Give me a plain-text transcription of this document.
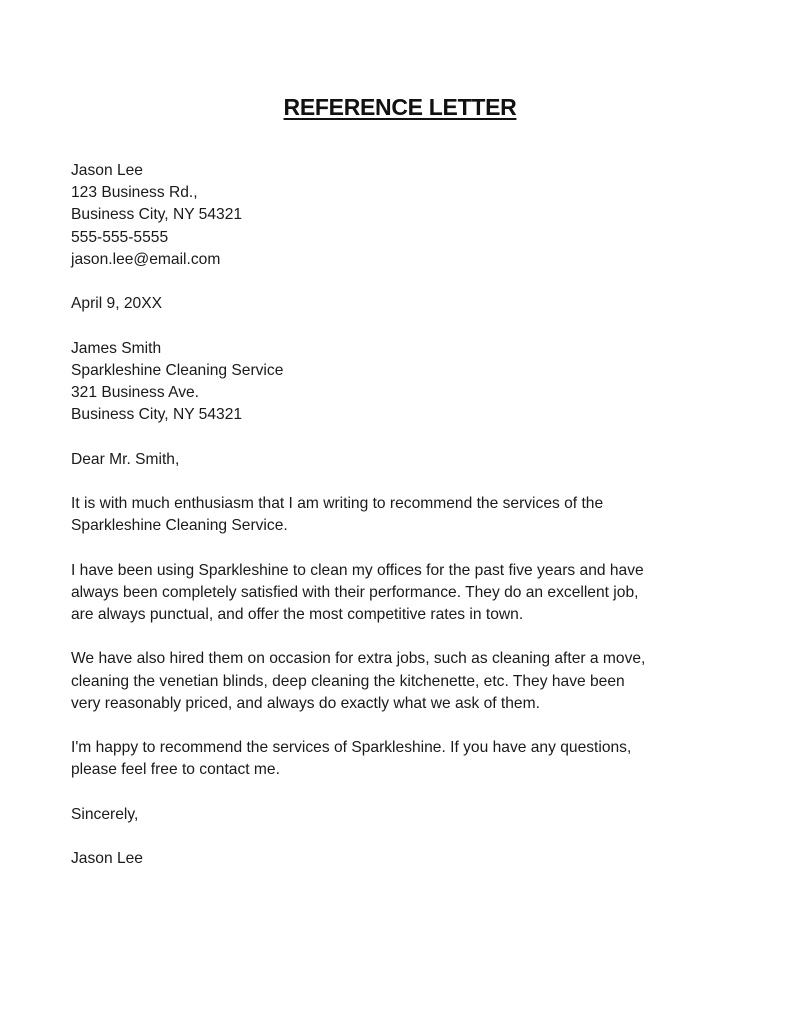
REFERENCE LETTER
Jason Lee
123 Business Rd.,
Business City, NY 54321
555-555-5555
jason.lee@email.com
April 9, 20XX
James Smith
Sparkleshine Cleaning Service
321 Business Ave.
Business City, NY 54321
Dear Mr. Smith,
It is with much enthusiasm that I am writing to recommend the services of the
Sparkleshine Cleaning Service.
I have been using Sparkleshine to clean my offices for the past five years and have
always been completely satisfied with their performance. They do an excellent job,
are always punctual, and offer the most competitive rates in town.
We have also hired them on occasion for extra jobs, such as cleaning after a move,
cleaning the venetian blinds, deep cleaning the kitchenette, etc. They have been
very reasonably priced, and always do exactly what we ask of them.
I'm happy to recommend the services of Sparkleshine. If you have any questions,
please feel free to contact me.
Sincerely,
Jason Lee
